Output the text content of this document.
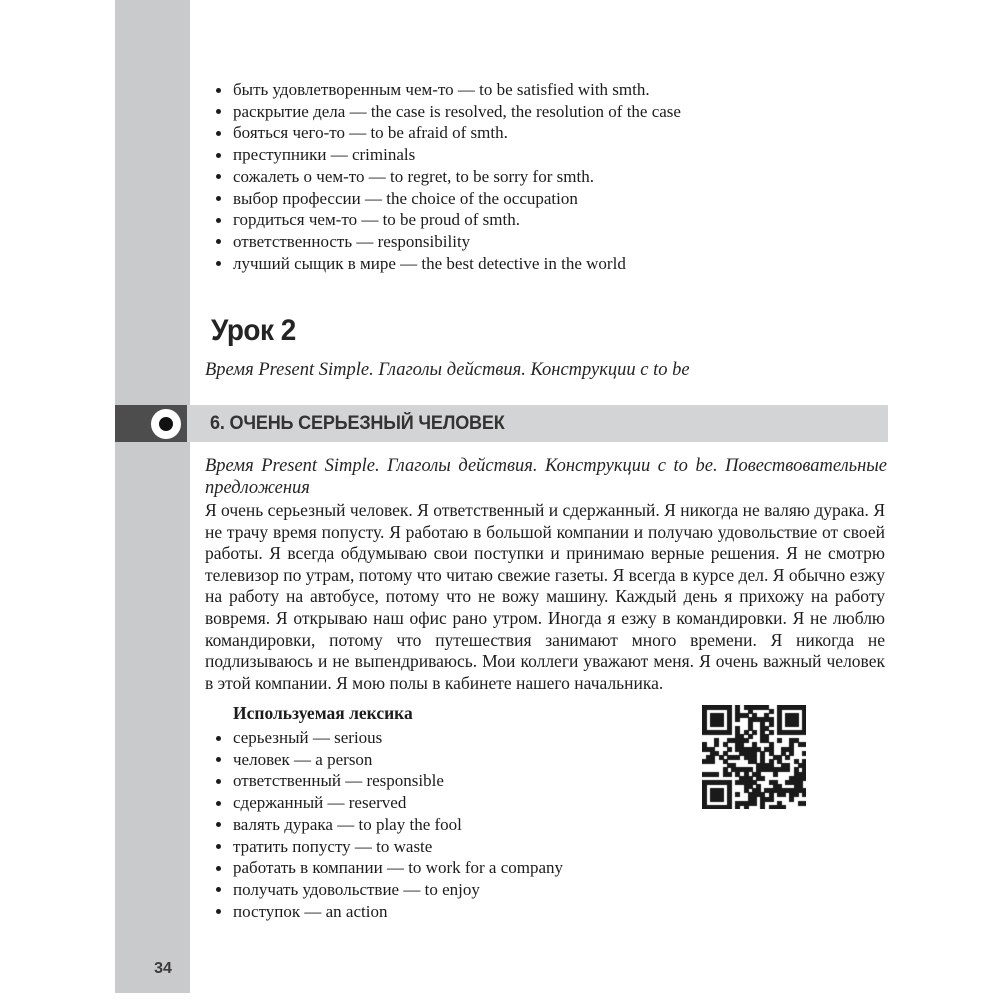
34
быть удовлетворенным чем-то — to be satisfied with smth.
раскрытие дела — the case is resolved, the resolution of the case
бояться чего-то — to be afraid of smth.
преступники — criminals
сожалеть о чем-то — to regret, to be sorry for smth.
выбор профессии — the choice of the occupation
гордиться чем-то — to be proud of smth.
ответственность — responsibility
лучший сыщик в мире — the best detective in the world
Урок 2
Время Present Simple. Глаголы действия. Конструкции с to be
6. ОЧЕНЬ СЕРЬЕЗНЫЙ ЧЕЛОВЕК
Время Present Simple. Глаголы действия. Конструкции с to be. Повествовательные предложения

Я очень серьезный человек. Я ответственный и сдержанный. Я никогда не валяю дурака. Я не трачу время попусту. Я работаю в большой компании и получаю удовольствие от своей работы. Я всегда обдумываю свои поступки и принимаю верные решения. Я не смотрю телевизор по утрам, потому что читаю свежие газеты. Я всегда в курсе дел. Я обычно езжу на работу на автобусе, потому что не вожу машину. Каждый день я прихожу на работу вовремя. Я открываю наш офис рано утром. Иногда я езжу в командировки. Я не люблю командировки, потому что путешествия занимают много времени. Я никогда не подлизываюсь и не выпендриваюсь. Мои коллеги уважают меня. Я очень важный человек в этой компании. Я мою полы в кабинете нашего начальника.

Используемая лексика
серьезный — serious
человек — a person
ответственный — responsible
сдержанный — reserved
валять дурака — to play the fool
тратить попусту — to waste
работать в компании — to work for a company
получать удовольствие — to enjoy
поступок — an action
